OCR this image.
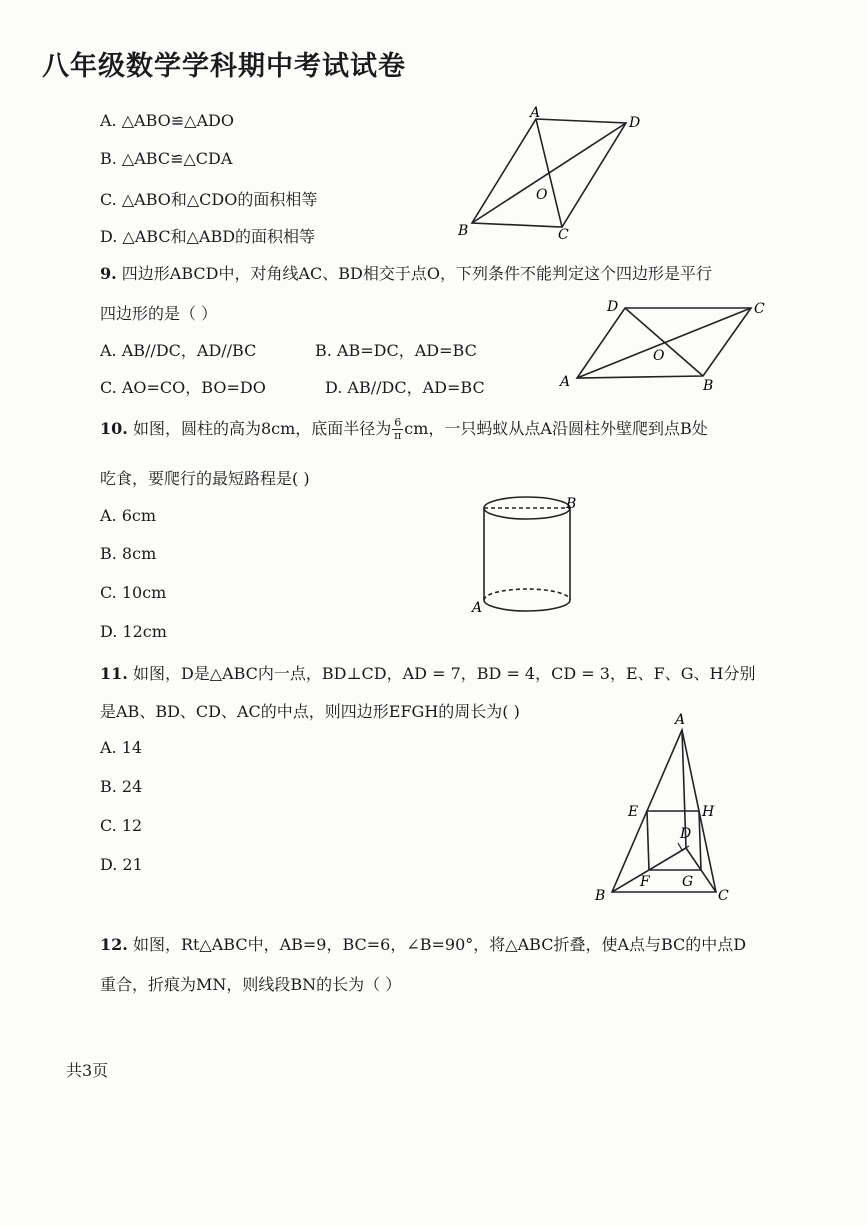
八年级数学学科期中考试试卷
A. △ABO≌△ADO
B. △ABC≌△CDA
C. △ABO和△CDO的面积相等
D. △ABC和△ABD的面积相等
A
D
B	C
O
9. 四边形ABCD中，对角线AC、BD相交于点O，下列条件不能判定这个四边形是平行
四边形的是（ ）
A. AB//DC，AD//BC	B. AB=DC，AD=BC
C. AO=CO，BO=DO	D. AB//DC，AD=BC
D	C
O
A	B
10. 如图，圆柱的高为8cm，底面半径为 $\frac{6}{\pi}$ cm，一只蚂蚁从点A沿圆柱外壁爬到点B处
吃食，要爬行的最短路程是( )
A. 6cm
B. 8cm
C. 10cm
D. 12cm
B
A
11. 如图，D是△ABC内一点，BD⊥CD，AD = 7，BD = 4，CD = 3，E、F、G、H分别
是AB、BD、CD、AC的中点，则四边形EFGH的周长为( )
A. 14
B. 24
C. 12
D. 21
A
E	H
D
F G
B	C
12. 如图，Rt△ABC中，AB=9，BC=6，∠B=90°，将△ABC折叠，使A点与BC的中点D
重合，折痕为MN，则线段BN的长为（ ）
共3页
